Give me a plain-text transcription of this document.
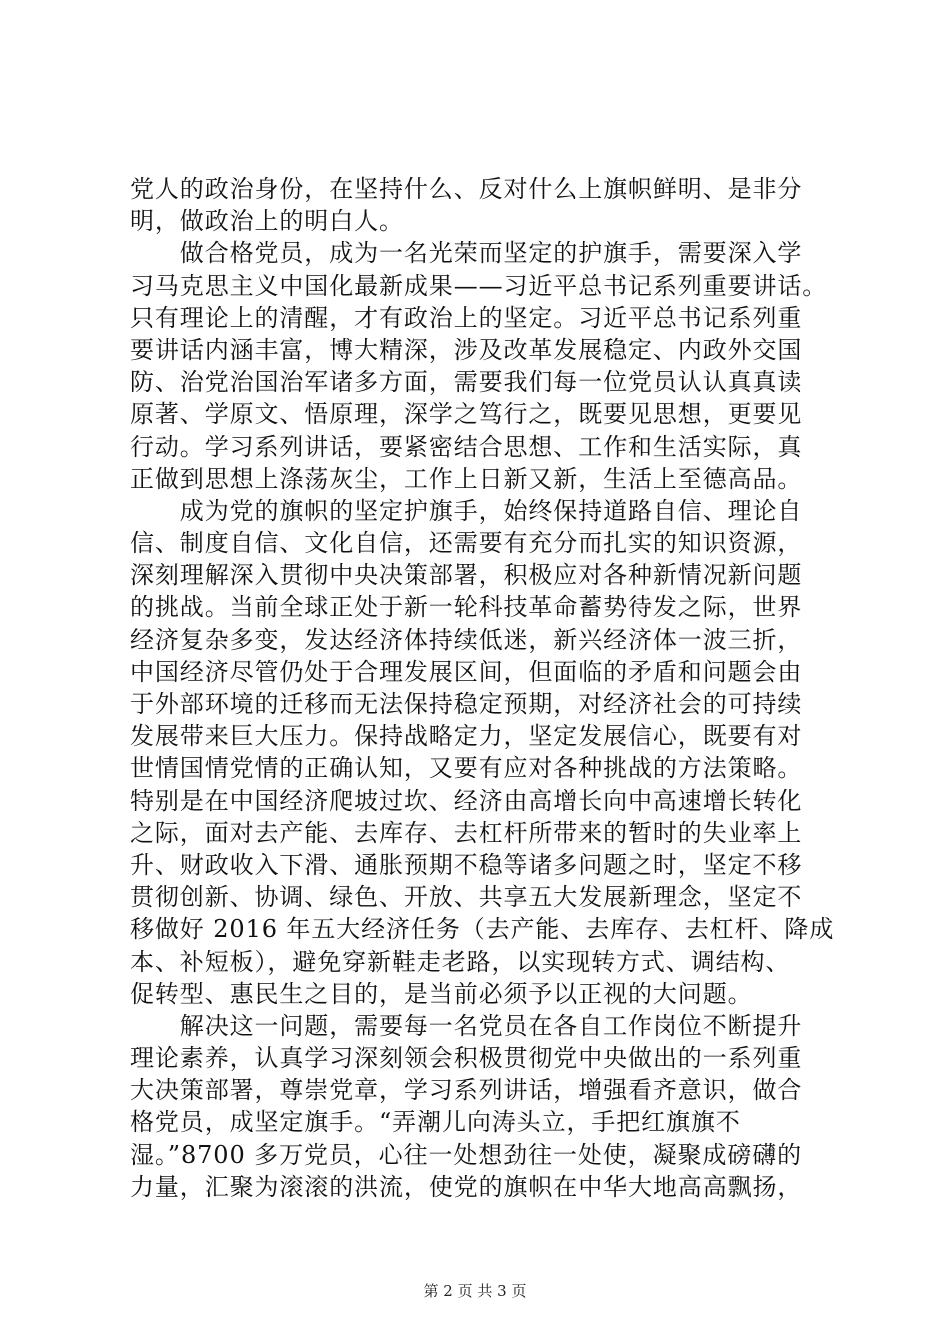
党人的政治身份，在坚持什么、反对什么上旗帜鲜明、是非分
明，做政治上的明白人。
　　做合格党员，成为一名光荣而坚定的护旗手，需要深入学
习马克思主义中国化最新成果——习近平总书记系列重要讲话。
只有理论上的清醒，才有政治上的坚定。习近平总书记系列重
要讲话内涵丰富，博大精深，涉及改革发展稳定、内政外交国
防、治党治国治军诸多方面，需要我们每一位党员认认真真读
原著、学原文、悟原理，深学之笃行之，既要见思想，更要见
行动。学习系列讲话，要紧密结合思想、工作和生活实际，真
正做到思想上涤荡灰尘，工作上日新又新，生活上至德高品。
　　成为党的旗帜的坚定护旗手，始终保持道路自信、理论自
信、制度自信、文化自信，还需要有充分而扎实的知识资源，
深刻理解深入贯彻中央决策部署，积极应对各种新情况新问题
的挑战。当前全球正处于新一轮科技革命蓄势待发之际，世界
经济复杂多变，发达经济体持续低迷，新兴经济体一波三折，
中国经济尽管仍处于合理发展区间，但面临的矛盾和问题会由
于外部环境的迁移而无法保持稳定预期，对经济社会的可持续
发展带来巨大压力。保持战略定力，坚定发展信心，既要有对
世情国情党情的正确认知，又要有应对各种挑战的方法策略。
特别是在中国经济爬坡过坎、经济由高增长向中高速增长转化
之际，面对去产能、去库存、去杠杆所带来的暂时的失业率上
升、财政收入下滑、通胀预期不稳等诸多问题之时，坚定不移
贯彻创新、协调、绿色、开放、共享五大发展新理念，坚定不
移做好 2016 年五大经济任务（去产能、去库存、去杠杆、降成
本、补短板），避免穿新鞋走老路，以实现转方式、调结构、
促转型、惠民生之目的，是当前必须予以正视的大问题。
　　解决这一问题，需要每一名党员在各自工作岗位不断提升
理论素养，认真学习深刻领会积极贯彻党中央做出的一系列重
大决策部署，尊崇党章，学习系列讲话，增强看齐意识，做合
格党员，成坚定旗手。“弄潮儿向涛头立，手把红旗旗不
湿。”8700 多万党员，心往一处想劲往一处使，凝聚成磅礴的
力量，汇聚为滚滚的洪流，使党的旗帜在中华大地高高飘扬，
第 2 页 共 3 页
